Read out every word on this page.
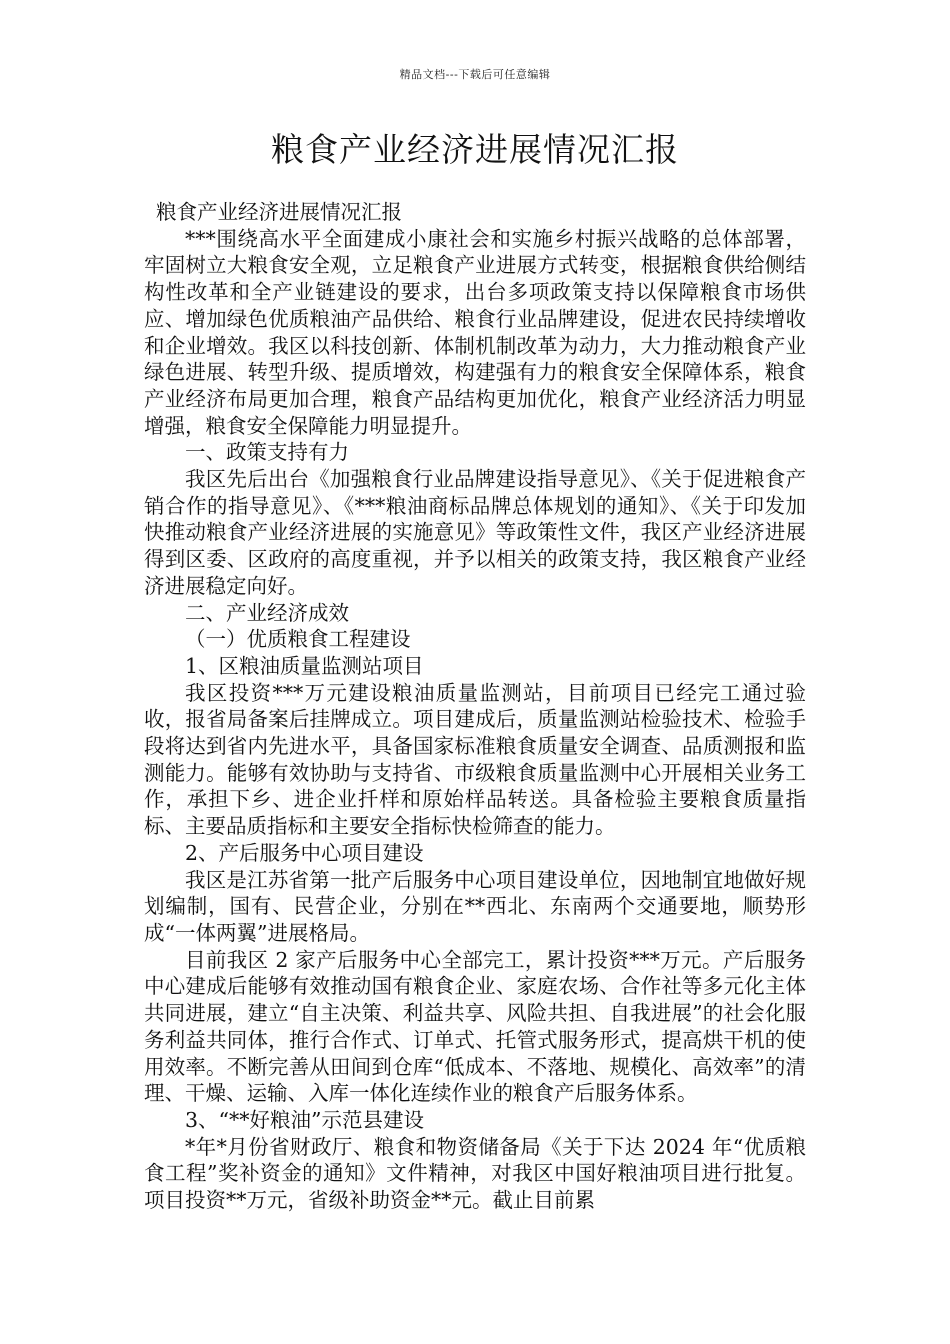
精品文档---下载后可任意编辑
粮食产业经济进展情况汇报

粮食产业经济进展情况汇报

***围绕高水平全面建成小康社会和实施乡村振兴战略的总体部署，牢固树立大粮食安全观，立足粮食产业进展方式转变，根据粮食供给侧结构性改革和全产业链建设的要求，出台多项政策支持以保障粮食市场供应、增加绿色优质粮油产品供给、粮食行业品牌建设，促进农民持续增收和企业增效。我区以科技创新、体制机制改革为动力，大力推动粮食产业绿色进展、转型升级、提质增效，构建强有力的粮食安全保障体系，粮食产业经济布局更加合理，粮食产品结构更加优化，粮食产业经济活力明显增强，粮食安全保障能力明显提升。

一、政策支持有力

我区先后出台《加强粮食行业品牌建设指导意见》、《关于促进粮食产销合作的指导意见》、《***粮油商标品牌总体规划的通知》、《关于印发加快推动粮食产业经济进展的实施意见》等政策性文件，我区产业经济进展得到区委、区政府的高度重视，并予以相关的政策支持，我区粮食产业经济进展稳定向好。

二、产业经济成效

（一）优质粮食工程建设

1、区粮油质量监测站项目

我区投资***万元建设粮油质量监测站，目前项目已经完工通过验收，报省局备案后挂牌成立。项目建成后，质量监测站检验技术、检验手段将达到省内先进水平，具备国家标准粮食质量安全调查、品质测报和监测能力。能够有效协助与支持省、市级粮食质量监测中心开展相关业务工作，承担下乡、进企业扦样和原始样品转送。具备检验主要粮食质量指标、主要品质指标和主要安全指标快检筛查的能力。

2、产后服务中心项目建设

我区是江苏省第一批产后服务中心项目建设单位，因地制宜地做好规划编制，国有、民营企业，分别在**西北、东南两个交通要地，顺势形成“一体两翼”进展格局。

目前我区 2 家产后服务中心全部完工，累计投资***万元。产后服务中心建成后能够有效推动国有粮食企业、家庭农场、合作社等多元化主体共同进展，建立“自主决策、利益共享、风险共担、自我进展”的社会化服务利益共同体，推行合作式、订单式、托管式服务形式，提高烘干机的使用效率。不断完善从田间到仓库“低成本、不落地、规模化、高效率”的清理、干燥、运输、入库一体化连续作业的粮食产后服务体系。

3、“**好粮油”示范县建设

*年*月份省财政厅、粮食和物资储备局《关于下达 2024 年“优质粮食工程”奖补资金的通知》文件精神，对我区中国好粮油项目进行批复。项目投资**万元，省级补助资金**元。截止目前累
